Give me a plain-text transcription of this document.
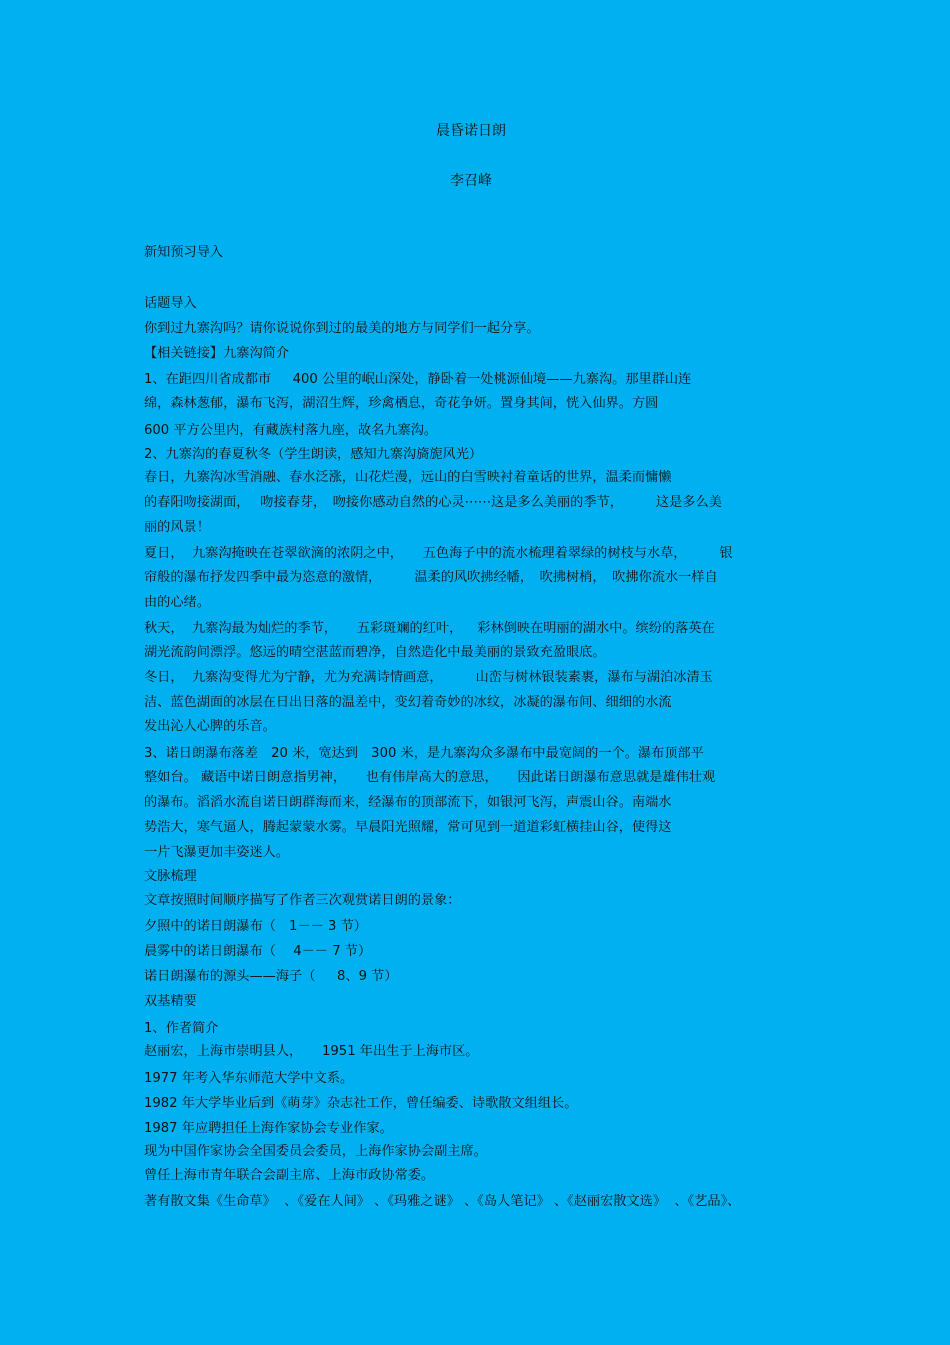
晨昏诺日朗
李召峰
新知预习导入
话题导入
你到过九寨沟吗？请你说说你到过的最美的地方与同学们一起分享。
【相关链接】九寨沟简介
1、在距四川省成都市　  400 公里的岷山深处，静卧着一处桃源仙境——九寨沟。那里群山连
绵，森林葱郁，瀑布飞泻，湖沼生辉，珍禽栖息，奇花争妍。置身其间，恍入仙界。方圆
600 平方公里内，有藏族村落九座，故名九寨沟。
2、九寨沟的春夏秋冬（学生朗读，感知九寨沟旖旎风光）
春日，九寨沟冰雪消融、春水泛涨，山花烂漫，远山的白雪映衬着童话的世界，温柔而慵懒
的春阳吻接湖面，　 吻接春芽，　吻接你感动自然的心灵⋯⋯这是多么美丽的季节，　　　这是多么美
丽的风景！
夏日，  九寨沟掩映在苍翠欲滴的浓阴之中，　　五色海子中的流水梳理着翠绿的树枝与水草，　　　银
帘般的瀑布抒发四季中最为恣意的激情，　　　温柔的风吹拂经幡，　吹拂树梢，　吹拂你流水一样自
由的心绪。
秋天，  九寨沟最为灿烂的季节，　　五彩斑斓的红叶，　  彩林倒映在明丽的湖水中。缤纷的落英在
湖光流韵间漂浮。悠远的晴空湛蓝而碧净，自然造化中最美丽的景致充盈眼底。
冬日，  九寨沟变得尤为宁静，尤为充满诗情画意，　　　山峦与树林银装素裹，瀑布与湖泊冰清玉
洁、蓝色湖面的冰层在日出日落的温差中，变幻着奇妙的冰纹，冰凝的瀑布间、细细的水流
发出沁人心脾的乐音。
3、诺日朗瀑布落差　20 米，宽达到　300 米，是九寨沟众多瀑布中最宽阔的一个。瀑布顶部平
整如台。 藏语中诺日朗意指男神，　　也有伟岸高大的意思，　　因此诺日朗瀑布意思就是雄伟壮观
的瀑布。滔滔水流自诺日朗群海而来，经瀑布的顶部流下，如银河飞泻，声震山谷。南端水
势浩大，寒气逼人，腾起蒙蒙水雾。早晨阳光照耀，常可见到一道道彩虹横挂山谷，使得这
一片飞瀑更加丰姿迷人。
文脉梳理
文章按照时间顺序描写了作者三次观赏诺日朗的景象：
夕照中的诺日朗瀑布（　1－－ 3 节）
晨雾中的诺日朗瀑布（　 4－－ 7 节）
诺日朗瀑布的源头——海子（　  8、9 节）
双基精要
1、作者简介
赵丽宏，上海市崇明县人，　　1951 年出生于上海市区。
1977 年考入华东师范大学中文系。
1982 年大学毕业后到《萌芽》杂志社工作，曾任编委、诗歌散文组组长。
1987 年应聘担任上海作家协会专业作家。
现为中国作家协会全国委员会委员，上海作家协会副主席。
曾任上海市青年联合会副主席、上海市政协常委。
著有散文集《生命草》  、《爱在人间》 、《玛雅之谜》 、《岛人笔记》 、《赵丽宏散文选》  、《艺品》、
